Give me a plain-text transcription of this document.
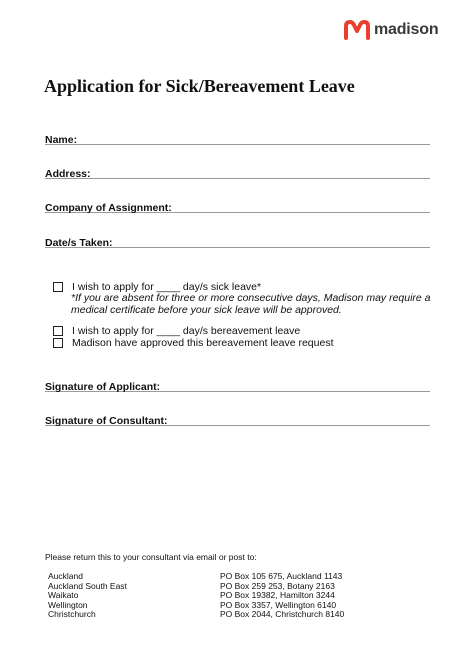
madison
Application for Sick/Bereavement Leave
Name:
Address:
Company of Assignment:
Date/s Taken:
I wish to apply for ____ day/s sick leave*
*If you are absent for three or more consecutive days, Madison may require a medical certificate before your sick leave will be approved.
I wish to apply for ____ day/s bereavement leave
Madison have approved this bereavement leave request
Signature of Applicant:
Signature of Consultant:
Please return this to your consultant via email or post to:
Auckland	PO Box 105 675, Auckland 1143
Auckland South East	PO Box 259 253, Botany 2163
Waikato	PO Box 19382, Hamilton 3244
Wellington	PO Box 3357, Wellington 6140
Christchurch	PO Box 2044, Christchurch 8140
